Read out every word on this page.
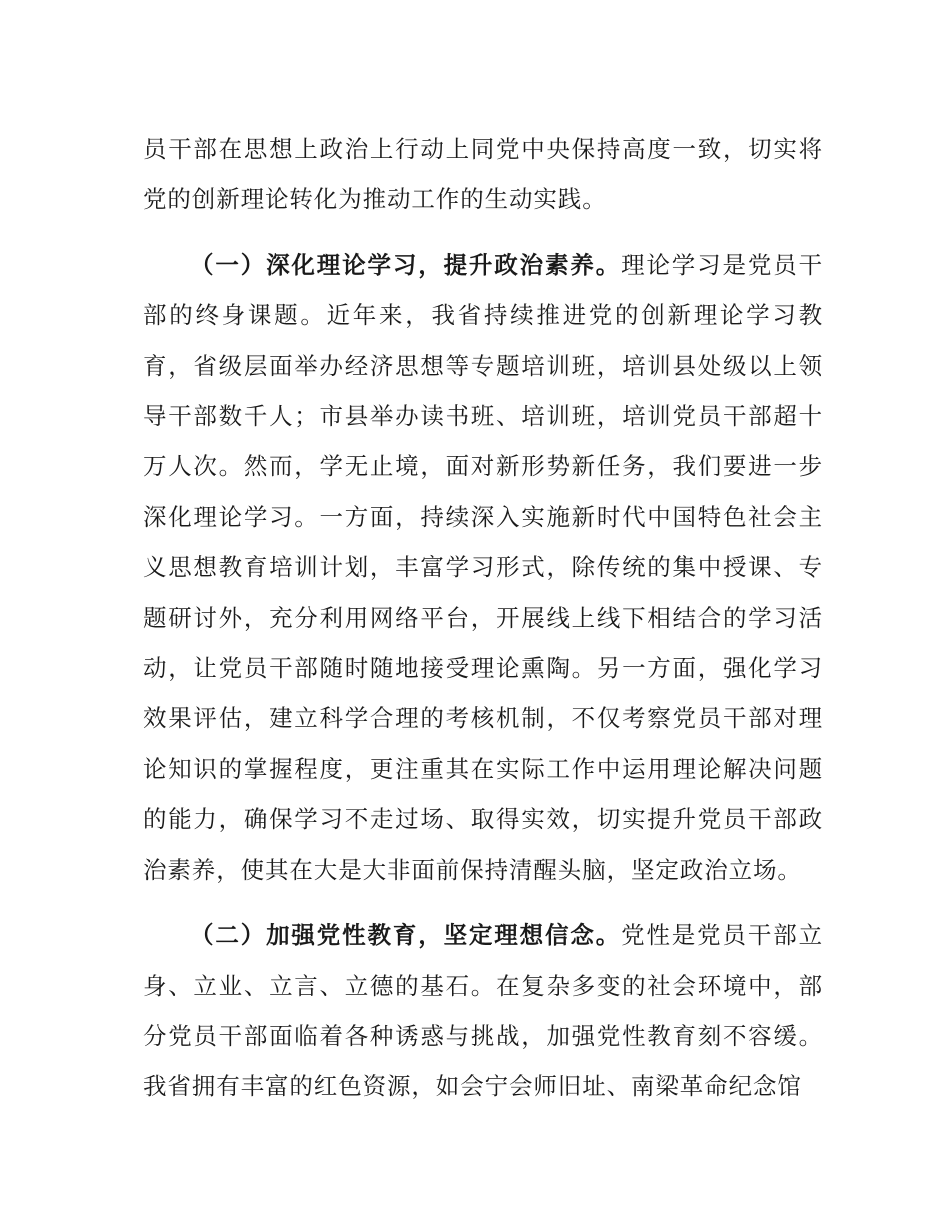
员干部在思想上政治上行动上同党中央保持高度一致，切实将党的创新理论转化为推动工作的生动实践。

（一）深化理论学习，提升政治素养。理论学习是党员干部的终身课题。近年来，我省持续推进党的创新理论学习教育，省级层面举办经济思想等专题培训班，培训县处级以上领导干部数千人；市县举办读书班、培训班，培训党员干部超十万人次。然而，学无止境，面对新形势新任务，我们要进一步深化理论学习。一方面，持续深入实施新时代中国特色社会主义思想教育培训计划，丰富学习形式，除传统的集中授课、专题研讨外，充分利用网络平台，开展线上线下相结合的学习活动，让党员干部随时随地接受理论熏陶。另一方面，强化学习效果评估，建立科学合理的考核机制，不仅考察党员干部对理论知识的掌握程度，更注重其在实际工作中运用理论解决问题的能力，确保学习不走过场、取得实效，切实提升党员干部政治素养，使其在大是大非面前保持清醒头脑，坚定政治立场。

（二）加强党性教育，坚定理想信念。党性是党员干部立身、立业、立言、立德的基石。在复杂多变的社会环境中，部分党员干部面临着各种诱惑与挑战，加强党性教育刻不容缓。我省拥有丰富的红色资源，如会宁会师旧址、南梁革命纪念馆
